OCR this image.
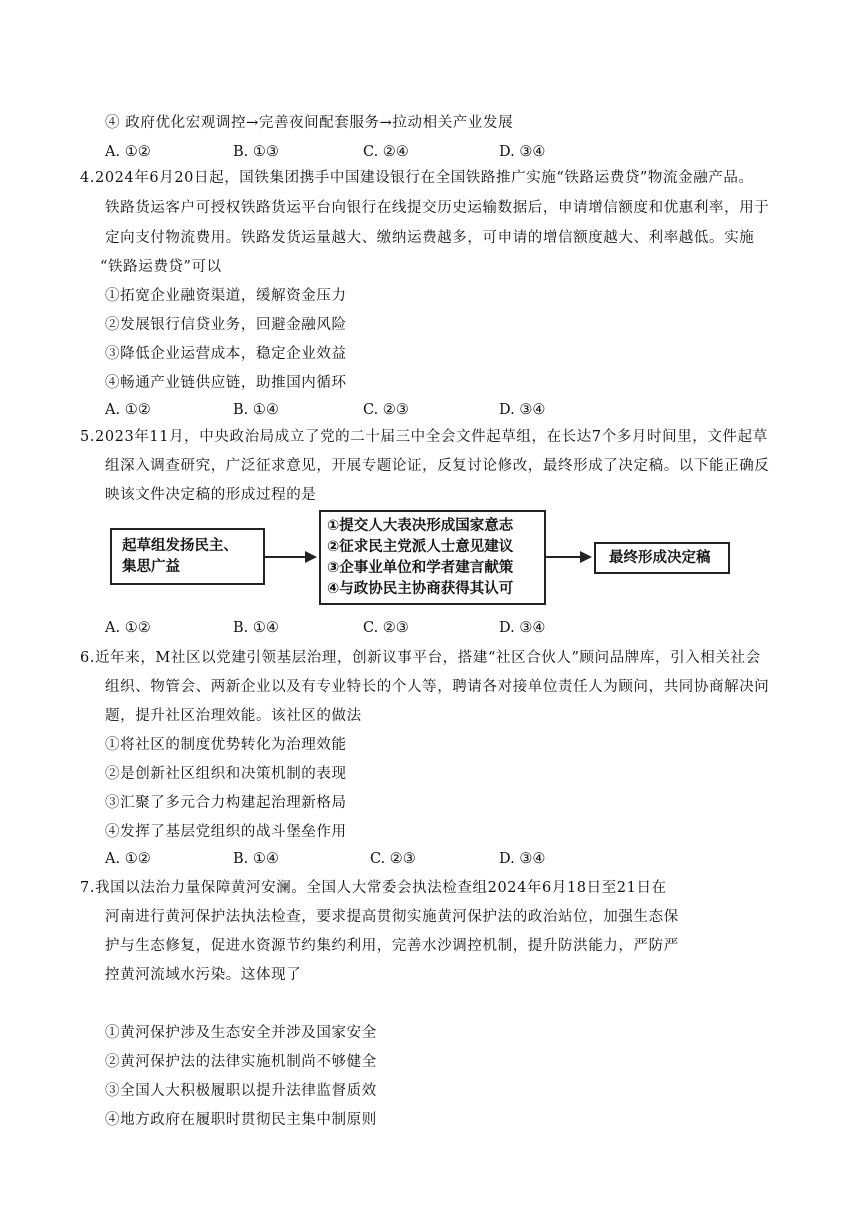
④ 政府优化宏观调控→完善夜间配套服务→拉动相关产业发展
A. ①②	B. ①③	C. ②④	D. ③④
4.2024年6月20日起，国铁集团携手中国建设银行在全国铁路推广实施“铁路运费贷”物流金融产品。
铁路货运客户可授权铁路货运平台向银行在线提交历史运输数据后，申请增信额度和优惠利率，用于
定向支付物流费用。铁路发货运量越大、缴纳运费越多，可申请的增信额度越大、利率越低。实施
“铁路运费贷”可以
①拓宽企业融资渠道，缓解资金压力
②发展银行信贷业务，回避金融风险
③降低企业运营成本，稳定企业效益
④畅通产业链供应链，助推国内循环
A. ①②	B. ①④	C. ②③	D. ③④
5.2023年11月，中央政治局成立了党的二十届三中全会文件起草组，在长达7个多月时间里，文件起草
组深入调查研究，广泛征求意见，开展专题论证，反复讨论修改，最终形成了决定稿。以下能正确反
映该文件决定稿的形成过程的是
起草组发扬民主、
集思广益
①提交人大表决形成国家意志
②征求民主党派人士意见建议
③企事业单位和学者建言献策
④与政协民主协商获得其认可
最终形成决定稿
A. ①②	B. ①④	C. ②③	D. ③④
6.近年来，M社区以党建引领基层治理，创新议事平台，搭建“社区合伙人”顾问品牌库，引入相关社会
组织、物管会、两新企业以及有专业特长的个人等，聘请各对接单位责任人为顾问，共同协商解决问
题，提升社区治理效能。该社区的做法
①将社区的制度优势转化为治理效能
②是创新社区组织和决策机制的表现
③汇聚了多元合力构建起治理新格局
④发挥了基层党组织的战斗堡垒作用
A. ①②	B. ①④	C. ②③	D. ③④
7.我国以法治力量保障黄河安澜。全国人大常委会执法检查组2024年6月18日至21日在
河南进行黄河保护法执法检查，要求提高贯彻实施黄河保护法的政治站位，加强生态保
护与生态修复，促进水资源节约集约利用，完善水沙调控机制，提升防洪能力，严防严
控黄河流域水污染。这体现了
①黄河保护涉及生态安全并涉及国家安全
②黄河保护法的法律实施机制尚不够健全
③全国人大积极履职以提升法律监督质效
④地方政府在履职时贯彻民主集中制原则
